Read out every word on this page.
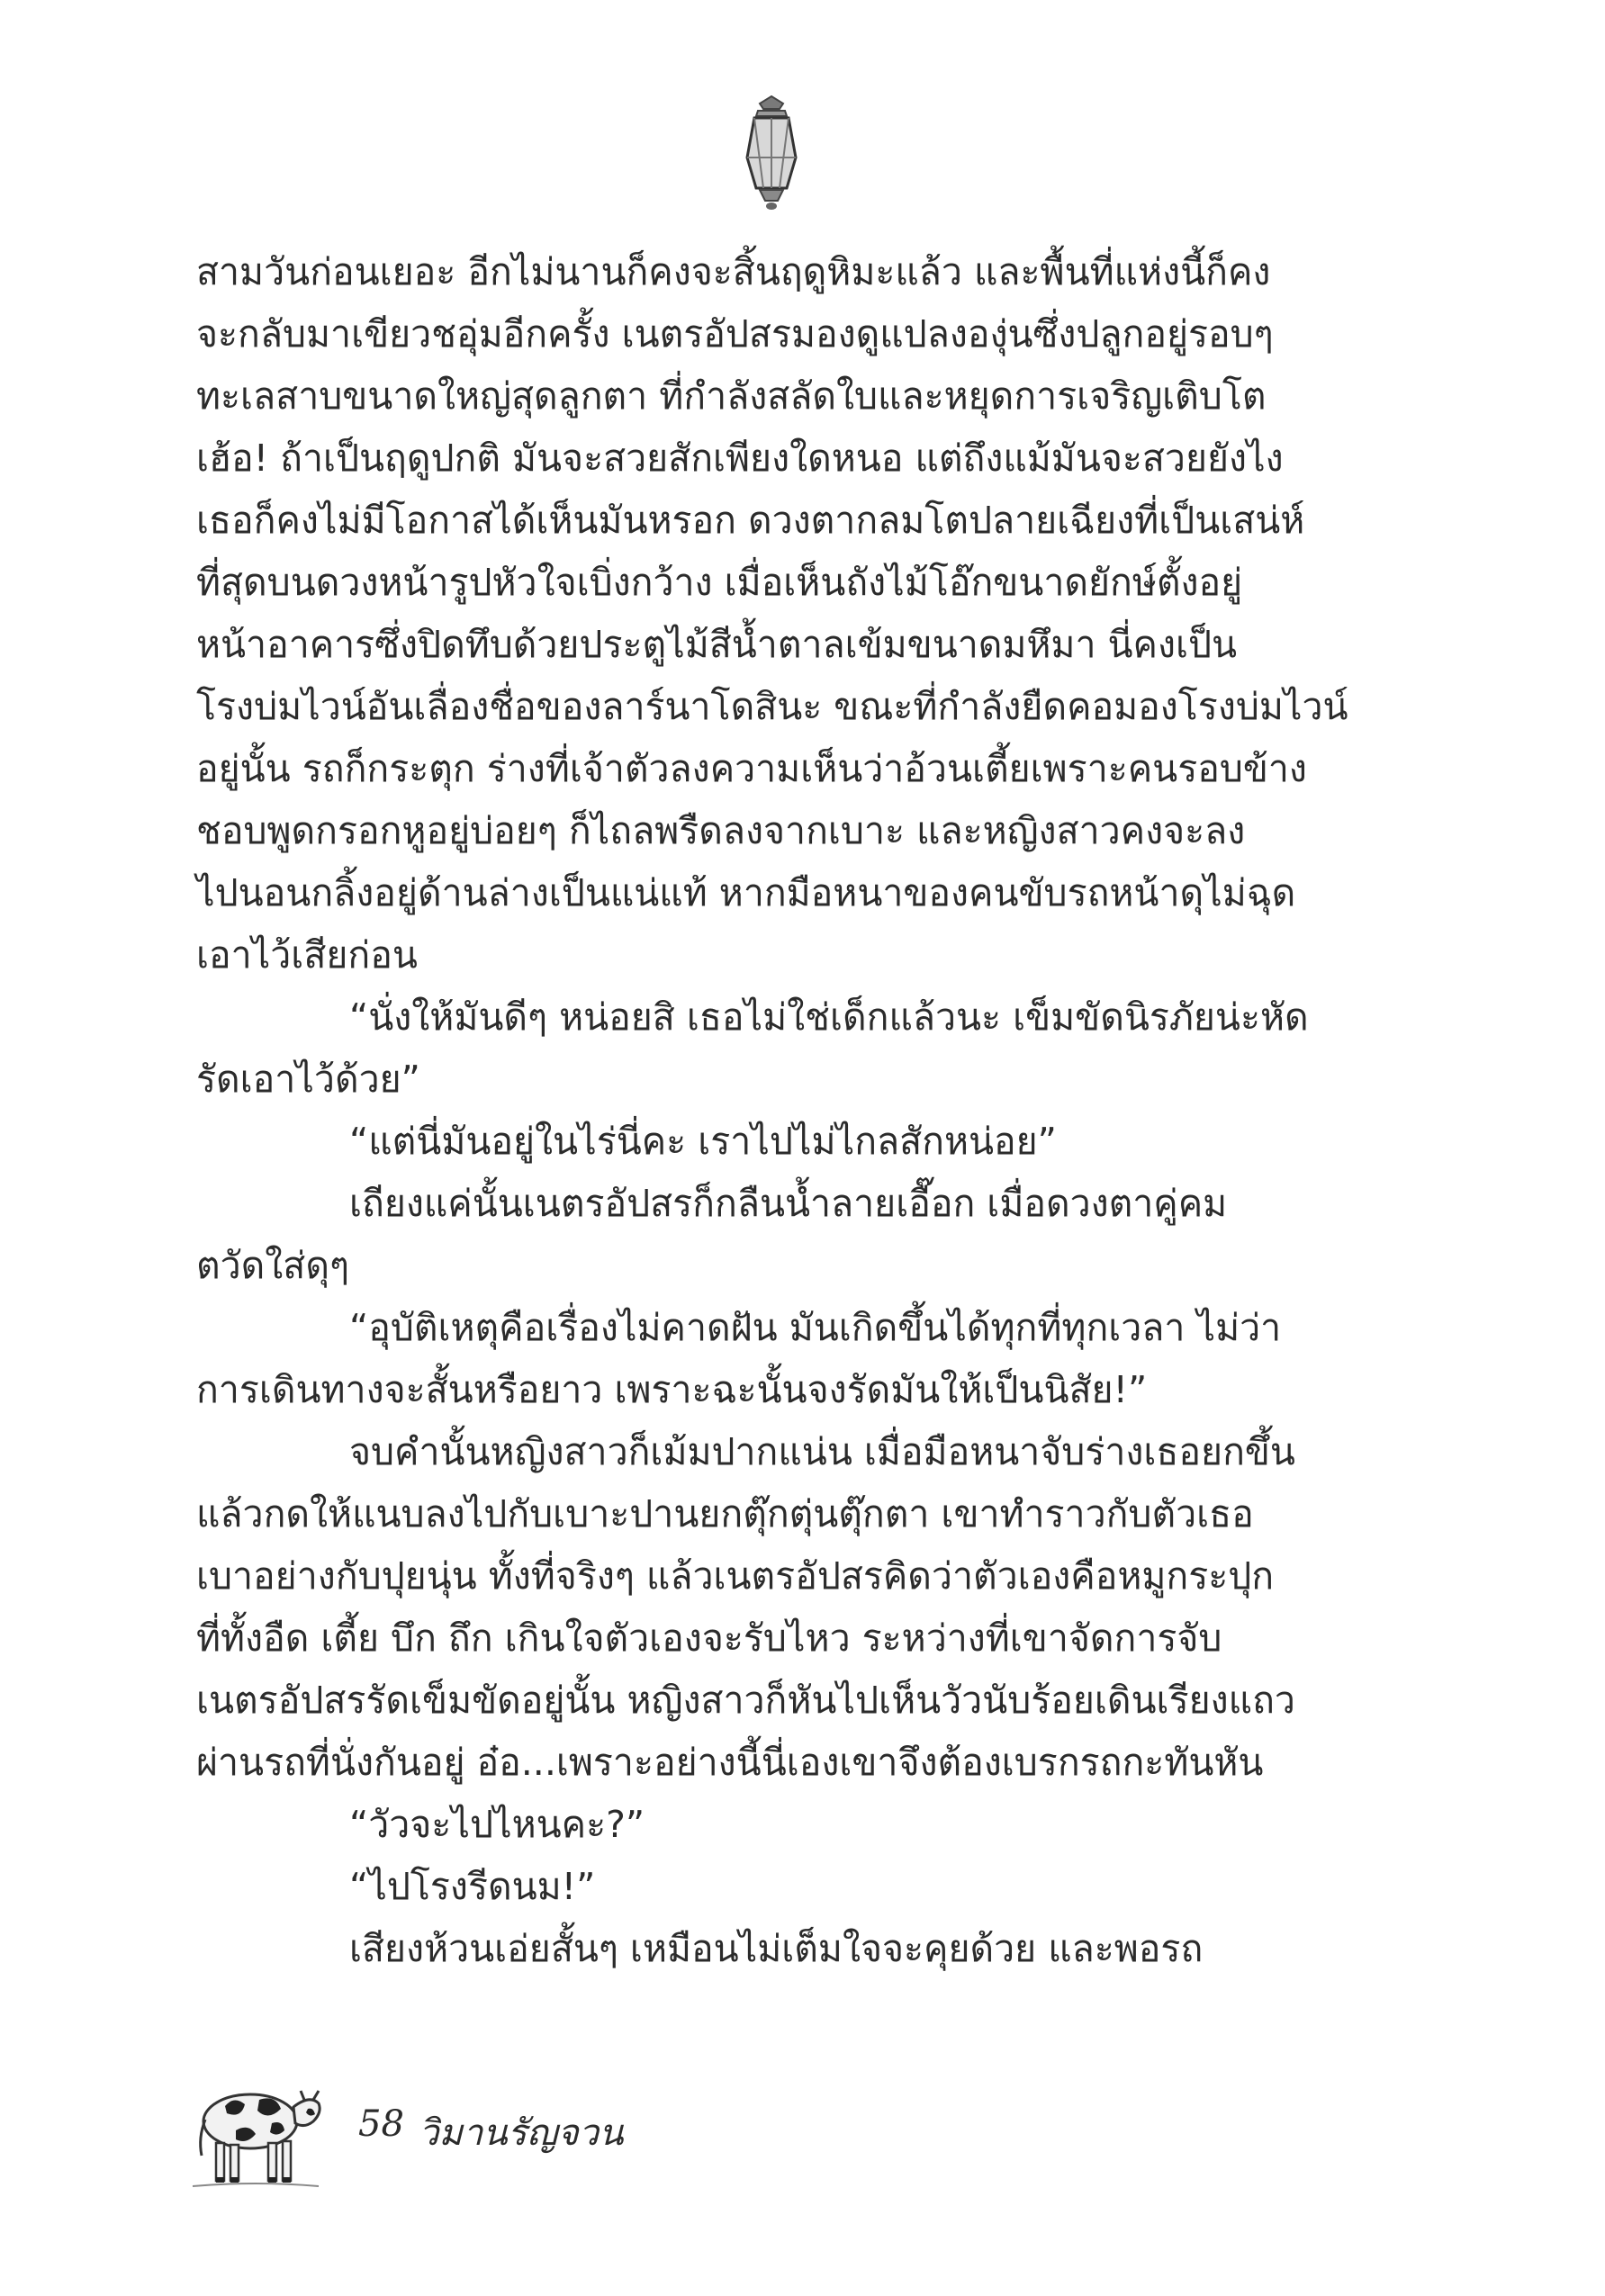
สามวันก่อนเยอะ อีกไม่นานก็คงจะสิ้นฤดูหิมะแล้ว และพื้นที่แห่งนี้ก็คง
จะกลับมาเขียวชอุ่มอีกครั้ง เนตรอัปสรมองดูแปลงองุ่นซึ่งปลูกอยู่รอบๆ
ทะเลสาบขนาดใหญ่สุดลูกตา ที่กำลังสลัดใบและหยุดการเจริญเติบโต
เฮ้อ! ถ้าเป็นฤดูปกติ มันจะสวยสักเพียงใดหนอ แต่ถึงแม้มันจะสวยยังไง
เธอก็คงไม่มีโอกาสได้เห็นมันหรอก ดวงตากลมโตปลายเฉียงที่เป็นเสน่ห์
ที่สุดบนดวงหน้ารูปหัวใจเบิ่งกว้าง เมื่อเห็นถังไม้โอ๊กขนาดยักษ์ตั้งอยู่
หน้าอาคารซึ่งปิดทึบด้วยประตูไม้สีน้ำตาลเข้มขนาดมหึมา นี่คงเป็น
โรงบ่มไวน์อันเลื่องชื่อของลาร์นาโดสินะ ขณะที่กำลังยืดคอมองโรงบ่มไวน์
อยู่นั้น รถก็กระตุก ร่างที่เจ้าตัวลงความเห็นว่าอ้วนเตี้ยเพราะคนรอบข้าง
ชอบพูดกรอกหูอยู่บ่อยๆ ก็ไถลพรืดลงจากเบาะ และหญิงสาวคงจะลง
ไปนอนกลิ้งอยู่ด้านล่างเป็นแน่แท้ หากมือหนาของคนขับรถหน้าดุไม่ฉุด
เอาไว้เสียก่อน
“นั่งให้มันดีๆ หน่อยสิ เธอไม่ใช่เด็กแล้วนะ เข็มขัดนิรภัยน่ะหัด
รัดเอาไว้ด้วย”
“แต่นี่มันอยู่ในไร่นี่คะ เราไปไม่ไกลสักหน่อย”
เถียงแค่นั้นเนตรอัปสรก็กลืนน้ำลายเอื๊อก เมื่อดวงตาคู่คม
ตวัดใส่ดุๆ
“อุบัติเหตุคือเรื่องไม่คาดฝัน มันเกิดขึ้นได้ทุกที่ทุกเวลา ไม่ว่า
การเดินทางจะสั้นหรือยาว เพราะฉะนั้นจงรัดมันให้เป็นนิสัย!”
จบคำนั้นหญิงสาวก็เม้มปากแน่น เมื่อมือหนาจับร่างเธอยกขึ้น
แล้วกดให้แนบลงไปกับเบาะปานยกตุ๊กตุ่นตุ๊กตา เขาทำราวกับตัวเธอ
เบาอย่างกับปุยนุ่น ทั้งที่จริงๆ แล้วเนตรอัปสรคิดว่าตัวเองคือหมูกระปุก
ที่ทั้งอืด เตี้ย บึก ถึก เกินใจตัวเองจะรับไหว ระหว่างที่เขาจัดการจับ
เนตรอัปสรรัดเข็มขัดอยู่นั้น หญิงสาวก็หันไปเห็นวัวนับร้อยเดินเรียงแถว
ผ่านรถที่นั่งกันอยู่ อ๋อ...เพราะอย่างนี้นี่เองเขาจึงต้องเบรกรถกะทันหัน
“วัวจะไปไหนคะ?”
“ไปโรงรีดนม!”
เสียงห้วนเอ่ยสั้นๆ เหมือนไม่เต็มใจจะคุยด้วย และพอรถ
58 วิมานรัญจวน
